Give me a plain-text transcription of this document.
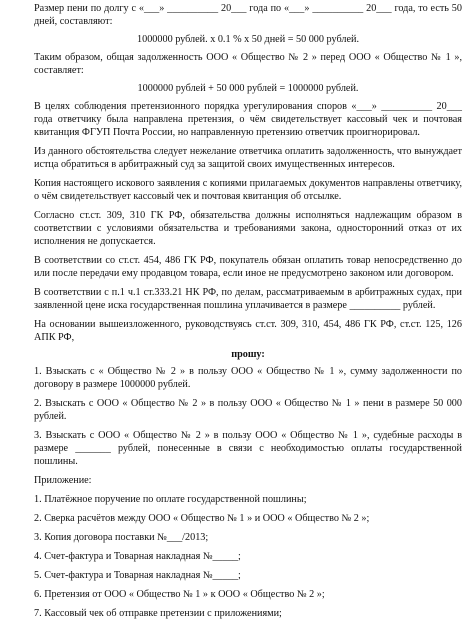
Размер пени по долгу с «___» __________ 20___ года по «___» __________ 20___ года, то есть 50 дней, составляют:

1000000 рублей. х 0.1 % х 50 дней = 50 000 рублей.

Таким образом, общая задолженность ООО « Общество № 2 » перед ООО « Общество № 1 », составляет:

1000000 рублей + 50 000 рублей = 1000000 рублей.

В целях соблюдения претензионного порядка урегулирования споров «___» __________ 20___ года ответчику была направлена претензия, о чём свидетельствует кассовый чек и почтовая квитанция ФГУП Почта России, но направленную претензию ответчик проигнорировал.

Из данного обстоятельства следует нежелание ответчика оплатить задолженность, что вынуждает истца обратиться в арбитражный суд за защитой своих имущественных интересов.

Копия настоящего искового заявления с копиями прилагаемых документов направлены ответчику, о чём свидетельствует кассовый чек и почтовая квитанция об отсылке.

Согласно ст.ст. 309, 310 ГК РФ, обязательства должны исполняться надлежащим образом в соответствии с условиями обязательства и требованиями закона, односторонний отказ от их исполнения не допускается.

В соответствии со ст.ст. 454, 486 ГК РФ, покупатель обязан оплатить товар непосредственно до или после передачи ему продавцом товара, если иное не предусмотрено законом или договором.

В соответствии с п.1 ч.1 ст.333.21 НК РФ, по делам, рассматриваемым в арбитражных судах, при заявленной цене иска государственная пошлина уплачивается в размере __________ рублей.

На основании вышеизложенного, руководствуясь ст.ст. 309, 310, 454, 486 ГК РФ, ст.ст. 125, 126 АПК РФ,

прошу:

1. Взыскать с « Общество № 2 » в пользу ООО « Общество № 1 », сумму задолженности по договору в размере 1000000 рублей.

2. Взыскать с ООО « Общество № 2 » в пользу ООО « Общество № 1 » пени в размере 50 000 рублей.

3. Взыскать с ООО « Общество № 2 » в пользу ООО « Общество № 1 », судебные расходы в размере _______ рублей, понесенные в связи с необходимостью оплаты государственной пошлины.

Приложение:

1. Платёжное поручение по оплате государственной пошлины;

2. Сверка расчётов между ООО « Общество № 1 » и ООО « Общество № 2 »;

3. Копия договора поставки №___/2013;

4. Счет-фактура и Товарная накладная №_____;

5. Счет-фактура и Товарная накладная №_____;

6. Претензия от ООО « Общество № 1 » к ООО « Общество № 2 »;

7. Кассовый чек об отправке претензии с приложениями;
